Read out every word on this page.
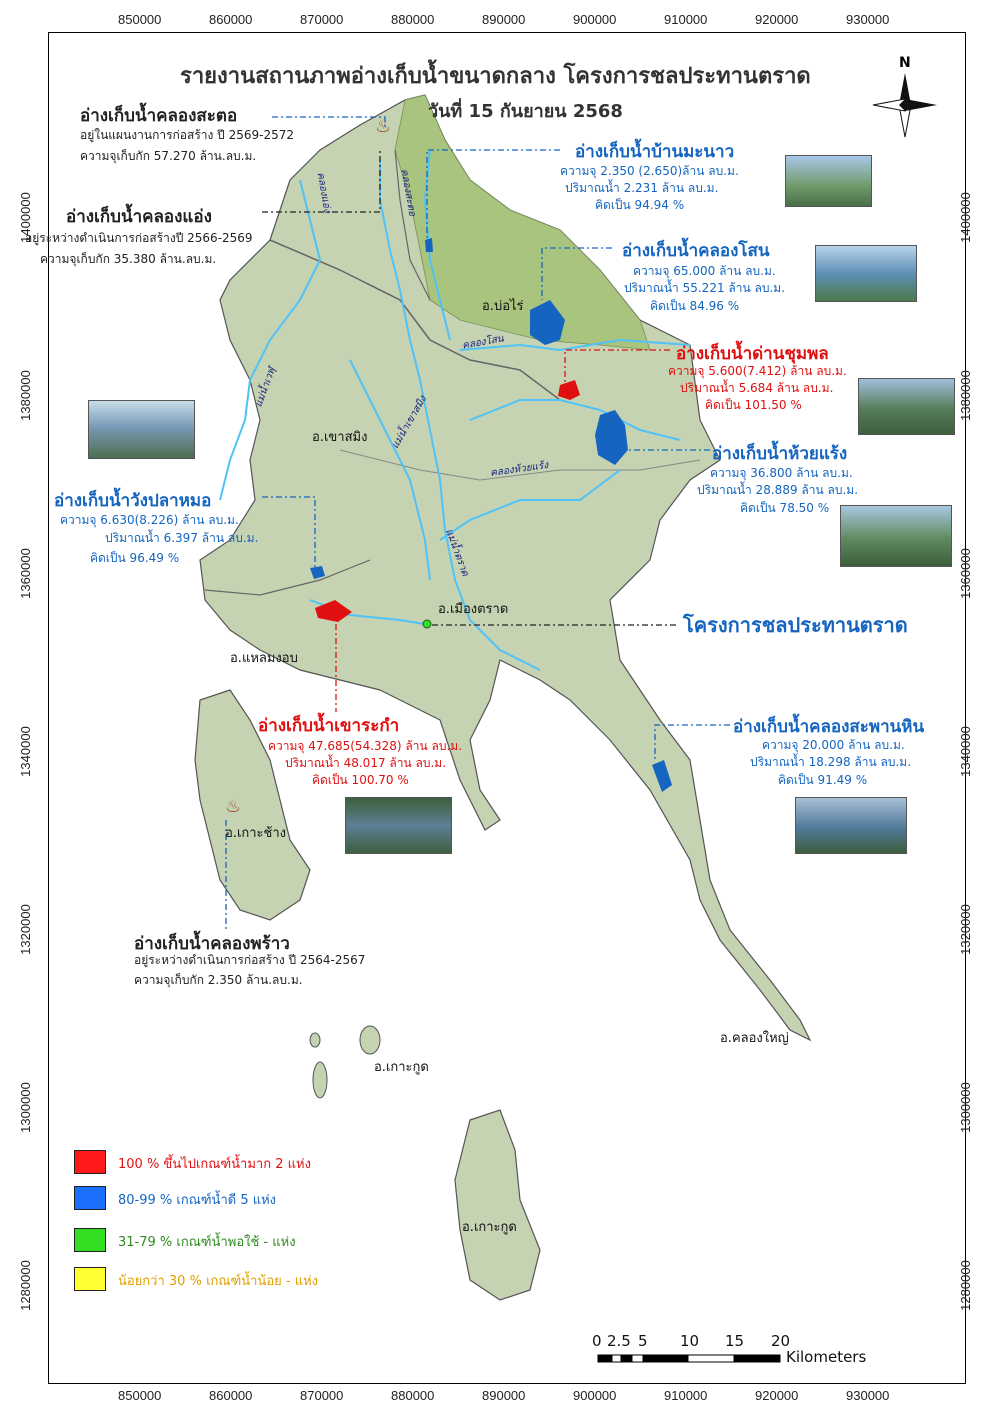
850000	860000	870000	880000	890000	900000	910000	920000	930000
850000	860000	870000	880000	890000	900000	910000	920000	930000
1400000
1380000
1360000
1340000
1320000
1300000
1280000
1400000
1380000
1360000
1340000
1320000
1300000
1280000
♨
♨
รายงานสถานภาพอ่างเก็บน้ำขนาดกลาง โครงการชลประทานตราด
วันที่ 15 กันยายน 2568
N
อ่างเก็บน้ำคลองสะตอ
อยู่ในแผนงานการก่อสร้าง ปี 2569-2572
ความจุเก็บกัก 57.270 ล้าน.ลบ.ม.
อ่างเก็บน้ำคลองแอ่ง
อยู่ระหว่างดำเนินการก่อสร้างปี 2566-2569
ความจุเก็บกัก 35.380 ล้าน.ลบ.ม.
อ่างเก็บน้ำบ้านมะนาว
ความจุ 2.350 (2.650)ล้าน ลบ.ม.
ปริมาณน้ำ 2.231 ล้าน ลบ.ม.
คิดเป็น 94.94 %
อ่างเก็บน้ำคลองโสน
ความจุ 65.000 ล้าน ลบ.ม.
ปริมาณน้ำ 55.221 ล้าน ลบ.ม.
คิดเป็น 84.96 %
อ่างเก็บน้ำด่านชุมพล
ความจุ 5.600(7.412) ล้าน ลบ.ม.
ปริมาณน้ำ 5.684 ล้าน ลบ.ม.
คิดเป็น 101.50 %
อ่างเก็บน้ำห้วยแร้ง
ความจุ 36.800 ล้าน ลบ.ม.
ปริมาณน้ำ 28.889 ล้าน ลบ.ม.
คิดเป็น 78.50 %
อ่างเก็บน้ำวังปลาหมอ
ความจุ 6.630(8.226) ล้าน ลบ.ม.
ปริมาณน้ำ 6.397 ล้าน ลบ.ม.
คิดเป็น 96.49 %
อ่างเก็บน้ำเขาระกำ
ความจุ 47.685(54.328) ล้าน ลบ.ม.
ปริมาณน้ำ 48.017 ล้าน ลบ.ม.
คิดเป็น 100.70 %
อ่างเก็บน้ำคลองสะพานหิน
ความจุ 20.000 ล้าน ลบ.ม.
ปริมาณน้ำ 18.298 ล้าน ลบ.ม.
คิดเป็น 91.49 %
อ่างเก็บน้ำคลองพร้าว
อยู่ระหว่างดำเนินการก่อสร้าง ปี 2564-2567
ความจุเก็บกัก 2.350 ล้าน.ลบ.ม.
โครงการชลประทานตราด
อ.บ่อไร่
อ.เขาสมิง
อ.เมืองตราด
อ.แหลมงอบ
อ.เกาะช้าง
อ.คลองใหญ่
อ.เกาะกูด
อ.เกาะกูด
คลองแอ่ง	คลองสะตอ
แม่น้ำเวฬุ
แม่น้ำเขาสมิง
คลองโสน
คลองห้วยแร้ง
แม่น้ำตราด
100 % ขึ้นไปเกณฑ์น้ำมาก 2 แห่ง
80-99 % เกณฑ์น้ำดี 5 แห่ง
31-79 % เกณฑ์น้ำพอใช้ - แห่ง
น้อยกว่า 30 % เกณฑ์น้ำน้อย - แห่ง
0 2.5 5 10 15 20
Kilometers
